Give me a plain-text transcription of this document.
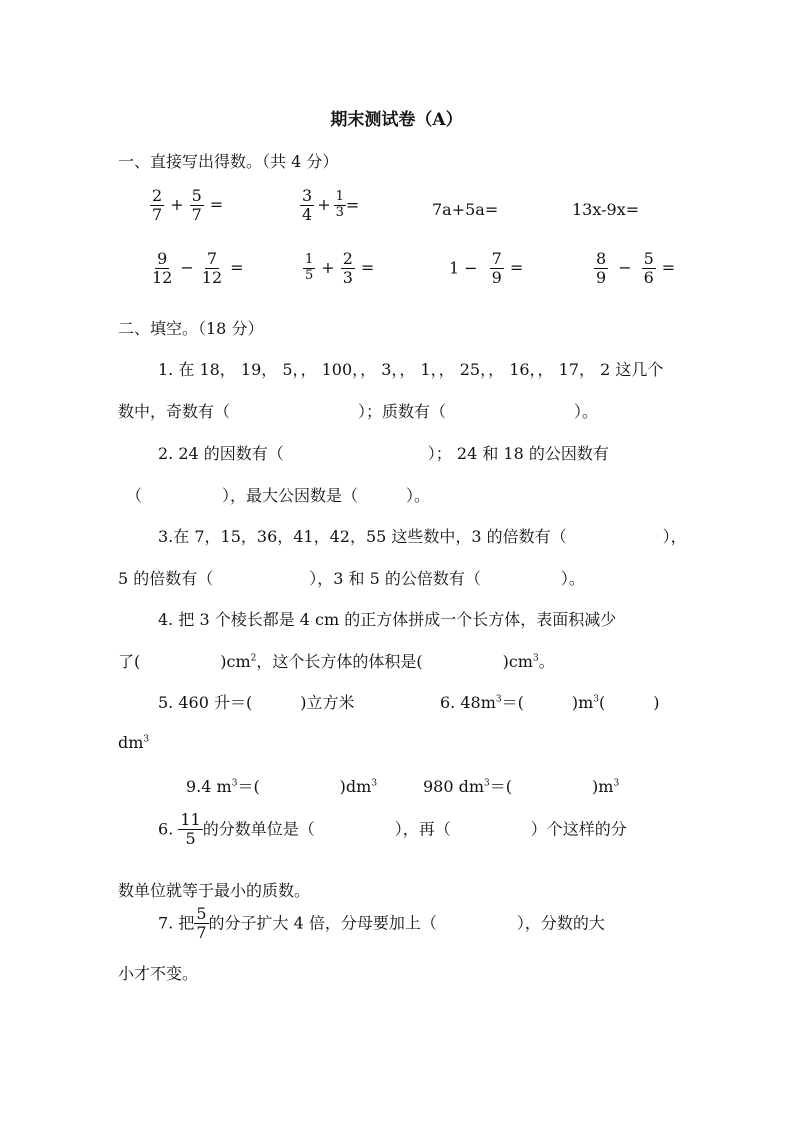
期末测试卷（A）
一、直接写出得数。（共 4 分）
$\frac{2}{7} + \frac{5}{7}$ =	$\frac{3}{4} + \frac{1}{3}$ =	7a+5a=	13x-9x=
$\frac{9}{12} - \frac{7}{12}$ =	$\frac{1}{5} + \frac{2}{3}$ =	$1 - \frac{7}{9}$ =	$\frac{8}{9} - \frac{5}{6}$ =
二、填空。（18 分）
1. 在 18， 19， 5，， 100，， 3，， 1，， 25，， 16，， 17， 2 这几个
数中，奇数有（　　　　　　　　）；质数有（　　　　　　　　）。
2. 24 的因数有（　　　　　　　　　）； 24 和 18 的公因数有
（　　　　　），最大公因数是（　　　）。
3.在 7，15，36，41，42，55 这些数中，3 的倍数有（　　　　　　），
5 的倍数有（　　　　　　），3 和 5 的公倍数有（　　　　　）。
4. 把 3 个棱长都是 4 cm 的正方体拼成一个长方体，表面积减少
了(　　　　　)$cm^2$，这个长方体的体积是(　　　　　)$cm^3$。
5. 460 升＝(　　　)立方米	6. $48m^3=$(　　　)$m^3$(　　　)
$dm^3$
9.4 $m^3=$(　　　　　)$dm^3$	980 $dm^3=$(　　　　　)$m^3$
6. $\frac{11}{5}$ 的分数单位是（　　　　　），再（　　　　　）个这样的分
数单位就等于最小的质数。
7. 把 $\frac{5}{7}$ 的分子扩大 4 倍，分母要加上（　　　　　），分数的大
小才不变。
